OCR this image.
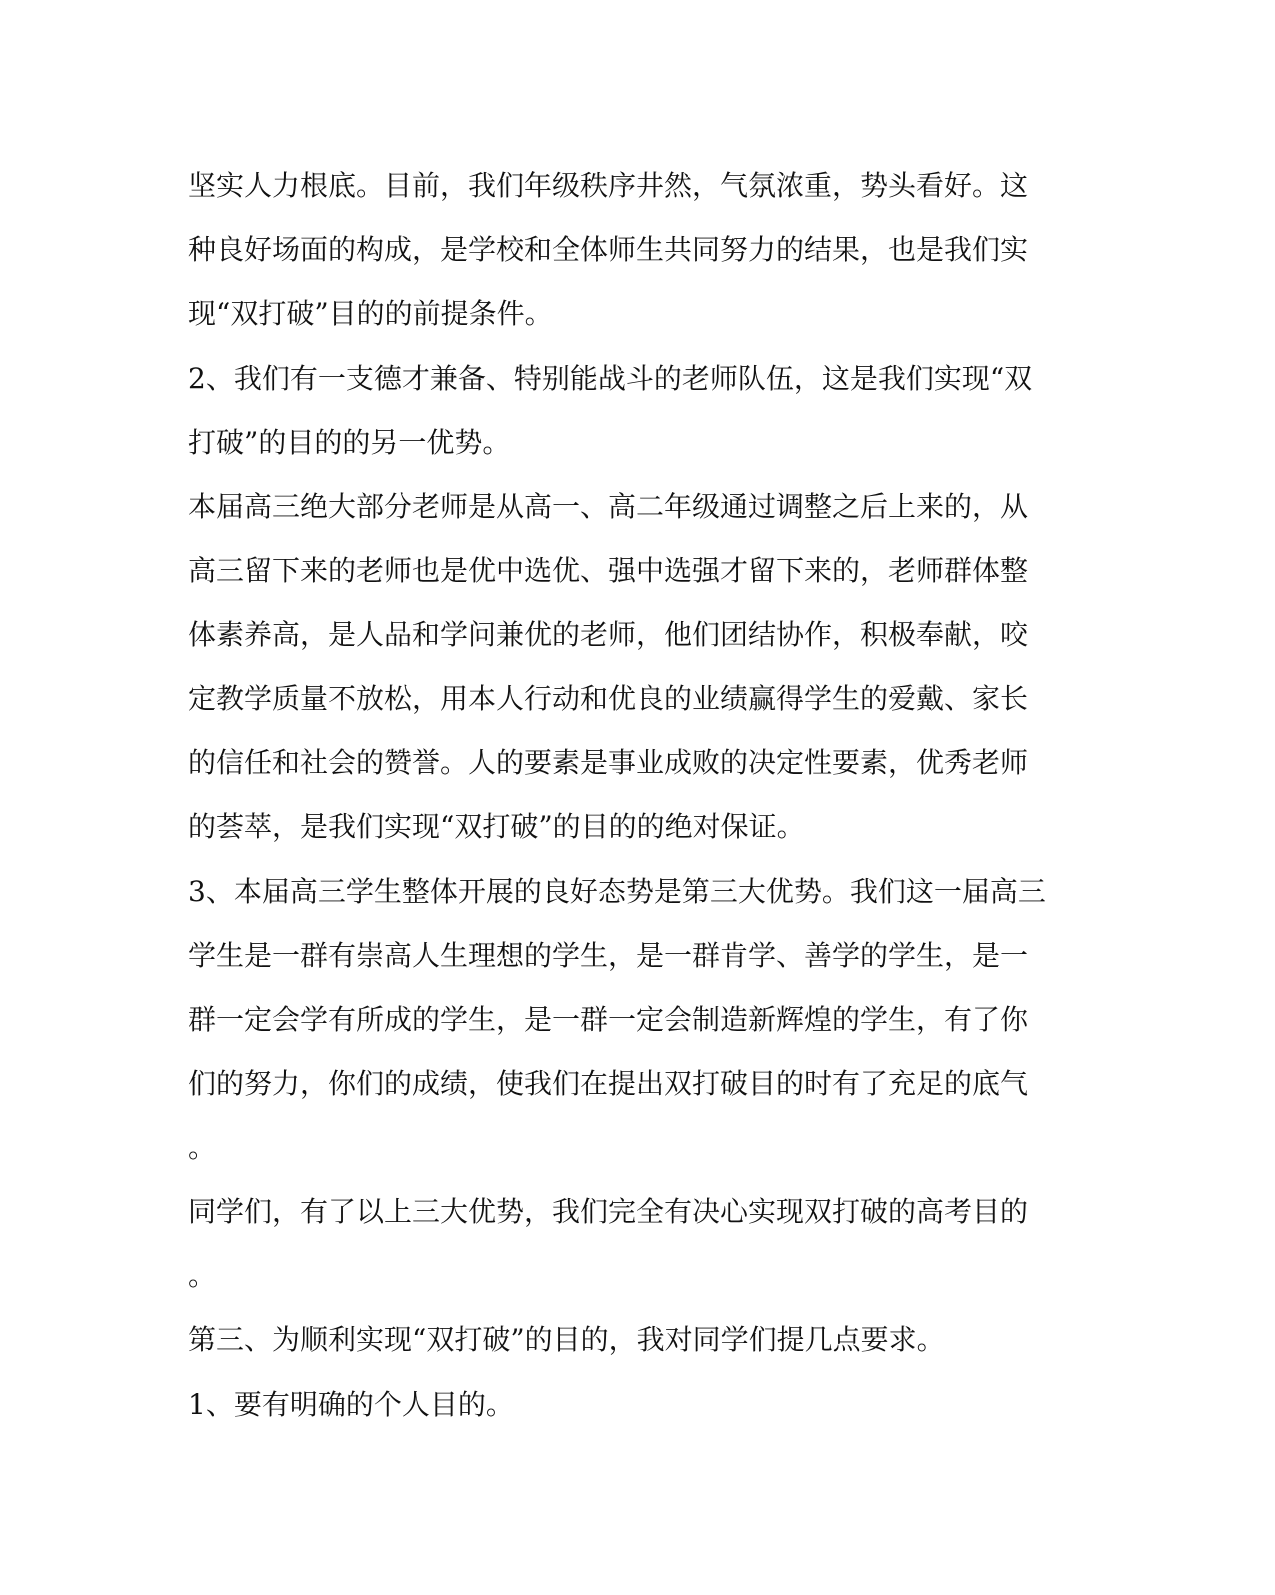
坚实人力根底。目前，我们年级秩序井然，气氛浓重，势头看好。这
种良好场面的构成，是学校和全体师生共同努力的结果，也是我们实
现“双打破”目的的前提条件。
2、我们有一支德才兼备、特别能战斗的老师队伍，这是我们实现“双
打破”的目的的另一优势。
本届高三绝大部分老师是从高一、高二年级通过调整之后上来的，从
高三留下来的老师也是优中选优、强中选强才留下来的，老师群体整
体素养高，是人品和学问兼优的老师，他们团结协作，积极奉献，咬
定教学质量不放松，用本人行动和优良的业绩赢得学生的爱戴、家长
的信任和社会的赞誉。人的要素是事业成败的决定性要素，优秀老师
的荟萃，是我们实现“双打破”的目的的绝对保证。
3、本届高三学生整体开展的良好态势是第三大优势。我们这一届高三
学生是一群有崇高人生理想的学生，是一群肯学、善学的学生，是一
群一定会学有所成的学生，是一群一定会制造新辉煌的学生，有了你
们的努力，你们的成绩，使我们在提出双打破目的时有了充足的底气
。
同学们，有了以上三大优势，我们完全有决心实现双打破的高考目的
。
第三、为顺利实现“双打破”的目的，我对同学们提几点要求。
1、要有明确的个人目的。
